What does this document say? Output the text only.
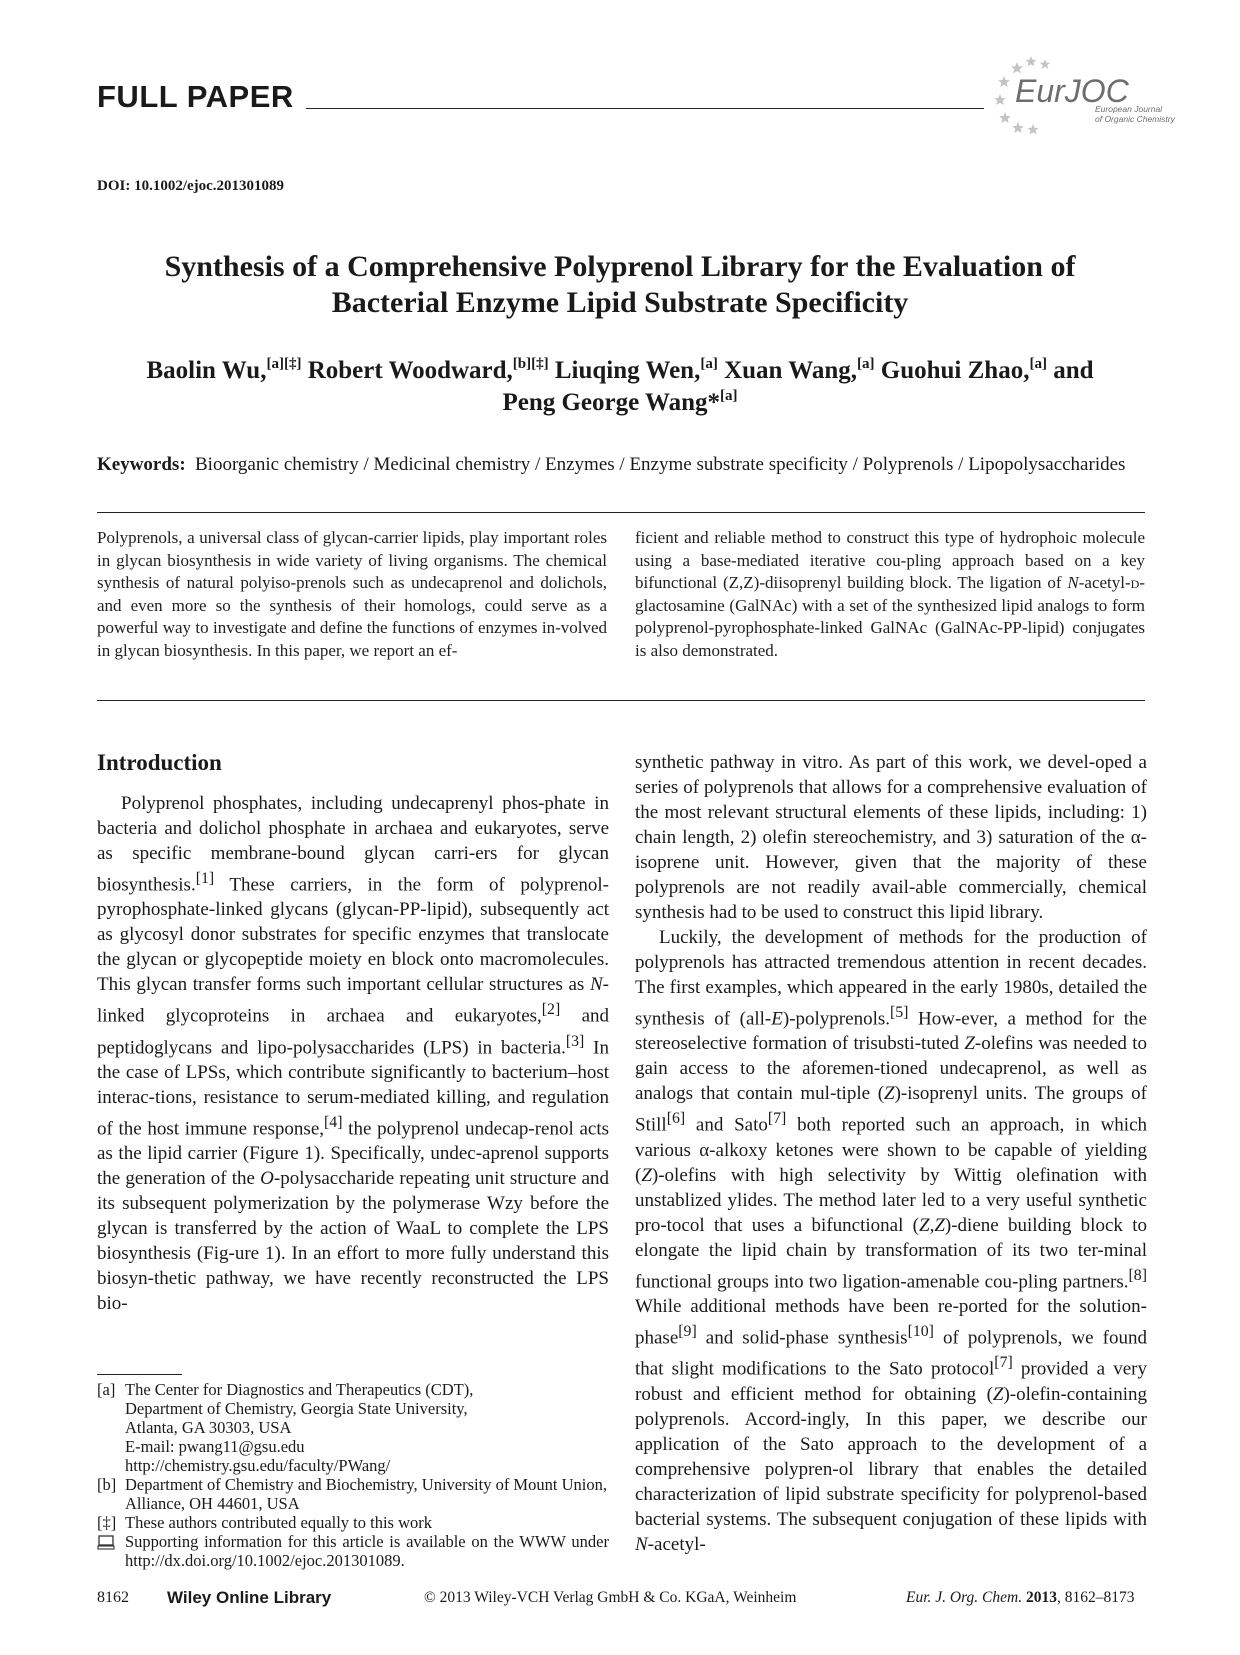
FULL PAPER	EurJOC
European Journal
of Organic Chemistry
DOI: 10.1002/ejoc.201301089
Synthesis of a Comprehensive Polyprenol Library for the Evaluation of
Bacterial Enzyme Lipid Substrate Specificity
Baolin Wu,[a][‡] Robert Woodward,[b][‡] Liuqing Wen,[a] Xuan Wang,[a] Guohui Zhao,[a] and
Peng George Wang*[a]
Keywords: Bioorganic chemistry / Medicinal chemistry / Enzymes / Enzyme substrate specificity / Polyprenols / Lipopolysaccharides

Polyprenols, a universal class of glycan-carrier lipids, play important roles in glycan biosynthesis in wide variety of living organisms. The chemical synthesis of natural polyiso-prenols such as undecaprenol and dolichols, and even more so the synthesis of their homologs, could serve as a powerful way to investigate and define the functions of enzymes in-volved in glycan biosynthesis. In this paper, we report an ef-

ficient and reliable method to construct this type of hydrophoic molecule using a base-mediated iterative cou-pling approach based on a key bifunctional (Z,Z)-diisoprenyl building block. The ligation of N-acetyl-d-glactosamine (GalNAc) with a set of the synthesized lipid analogs to form polyprenol-pyrophosphate-linked GalNAc (GalNAc-PP-lipid) conjugates is also demonstrated.

Introduction

Polyprenol phosphates, including undecaprenyl phos-phate in bacteria and dolichol phosphate in archaea and eukaryotes, serve as specific membrane-bound glycan carri-ers for glycan biosynthesis.[1] These carriers, in the form of polyprenol-pyrophosphate-linked glycans (glycan-PP-lipid), subsequently act as glycosyl donor substrates for specific enzymes that translocate the glycan or glycopeptide moiety en block onto macromolecules. This glycan transfer forms such important cellular structures as N-linked glycoproteins in archaea and eukaryotes,[2] and peptidoglycans and lipo-polysaccharides (LPS) in bacteria.[3] In the case of LPSs, which contribute significantly to bacterium–host interac-tions, resistance to serum-mediated killing, and regulation of the host immune response,[4] the polyprenol undecap-renol acts as the lipid carrier (Figure 1). Specifically, undec-aprenol supports the generation of the O-polysaccharide repeating unit structure and its subsequent polymerization by the polymerase Wzy before the glycan is transferred by the action of WaaL to complete the LPS biosynthesis (Fig-ure 1). In an effort to more fully understand this biosyn-thetic pathway, we have recently reconstructed the LPS bio-

synthetic pathway in vitro. As part of this work, we devel-oped a series of polyprenols that allows for a comprehensive evaluation of the most relevant structural elements of these lipids, including: 1) chain length, 2) olefin stereochemistry, and 3) saturation of the α-isoprene unit. However, given that the majority of these polyprenols are not readily avail-able commercially, chemical synthesis had to be used to construct this lipid library.

Luckily, the development of methods for the production of polyprenols has attracted tremendous attention in recent decades. The first examples, which appeared in the early 1980s, detailed the synthesis of (all-E)-polyprenols.[5] How-ever, a method for the stereoselective formation of trisubsti-tuted Z-olefins was needed to gain access to the aforemen-tioned undecaprenol, as well as analogs that contain mul-tiple (Z)-isoprenyl units. The groups of Still[6] and Sato[7] both reported such an approach, in which various α-alkoxy ketones were shown to be capable of yielding (Z)-olefins with high selectivity by Wittig olefination with unstablized ylides. The method later led to a very useful synthetic pro-tocol that uses a bifunctional (Z,Z)-diene building block to elongate the lipid chain by transformation of its two ter-minal functional groups into two ligation-amenable cou-pling partners.[8] While additional methods have been re-ported for the solution-phase[9] and solid-phase synthesis[10] of polyprenols, we found that slight modifications to the Sato protocol[7] provided a very robust and efficient method for obtaining (Z)-olefin-containing polyprenols. Accord-ingly, In this paper, we describe our application of the Sato approach to the development of a comprehensive polypren-ol library that enables the detailed characterization of lipid substrate specificity for polyprenol-based bacterial systems. The subsequent conjugation of these lipids with N-acetyl-

[a] The Center for Diagnostics and Therapeutics (CDT),
Department of Chemistry, Georgia State University,
Atlanta, GA 30303, USA
E-mail: pwang11@gsu.edu
http://chemistry.gsu.edu/faculty/PWang/
[b] Department of Chemistry and Biochemistry, University of Mount Union,
Alliance, OH 44601, USA
[‡] These authors contributed equally to this work
Supporting information for this article is available on the WWW under http://dx.doi.org/10.1002/ejoc.201301089.
8162 Wiley Online Library	© 2013 Wiley-VCH Verlag GmbH & Co. KGaA, Weinheim	Eur. J. Org. Chem. 2013, 8162–8173
